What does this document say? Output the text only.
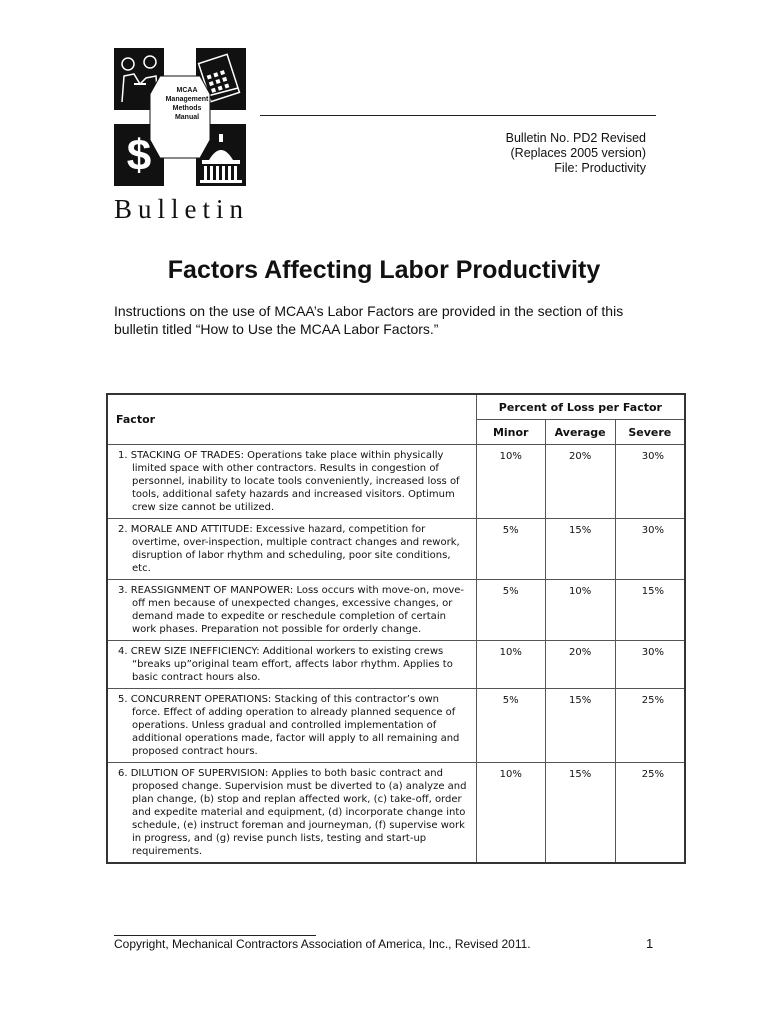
$
MCAA
Management
Methods
Manual
Bulletin No. PD2 Revised
(Replaces 2005 version)
File: Productivity
Bulletin
Factors Affecting Labor Productivity
Instructions on the use of MCAA’s Labor Factors are provided in the section of this bulletin titled “How to Use the MCAA Labor Factors.”
Factor	Percent of Loss per Factor		
	Minor	Average	Severe
1. STACKING OF TRADES: Operations take place within physically limited space with other contractors. Results in congestion of personnel, inability to locate tools conveniently, increased loss of tools, additional safety hazards and increased visitors. Optimum crew size cannot be utilized.	10%	20%	30%
2. MORALE AND ATTITUDE: Excessive hazard, competition for overtime, over-inspection, multiple contract changes and rework, disruption of labor rhythm and scheduling, poor site conditions, etc.	5%	15%	30%
3. REASSIGNMENT OF MANPOWER: Loss occurs with move-on, move-off men because of unexpected changes, excessive changes, or demand made to expedite or reschedule completion of certain work phases. Preparation not possible for orderly change.	5%	10%	15%
4. CREW SIZE INEFFICIENCY: Additional workers to existing crews “breaks up”original team effort, affects labor rhythm. Applies to basic contract hours also.	10%	20%	30%
5. CONCURRENT OPERATIONS: Stacking of this contractor’s own force. Effect of adding operation to already planned sequence of operations. Unless gradual and controlled implementation of additional operations made, factor will apply to all remaining and proposed contract hours.	5%	15%	25%
6. DILUTION OF SUPERVISION: Applies to both basic contract and proposed change. Supervision must be diverted to (a) analyze and plan change, (b) stop and replan affected work, (c) take-off, order and expedite material and equipment, (d) incorporate change into schedule, (e) instruct foreman and journeyman, (f) supervise work in progress, and (g) revise punch lists, testing and start-up requirements.	10%	15%	25%
Copyright, Mechanical Contractors Association of America, Inc., Revised 2011.	1
